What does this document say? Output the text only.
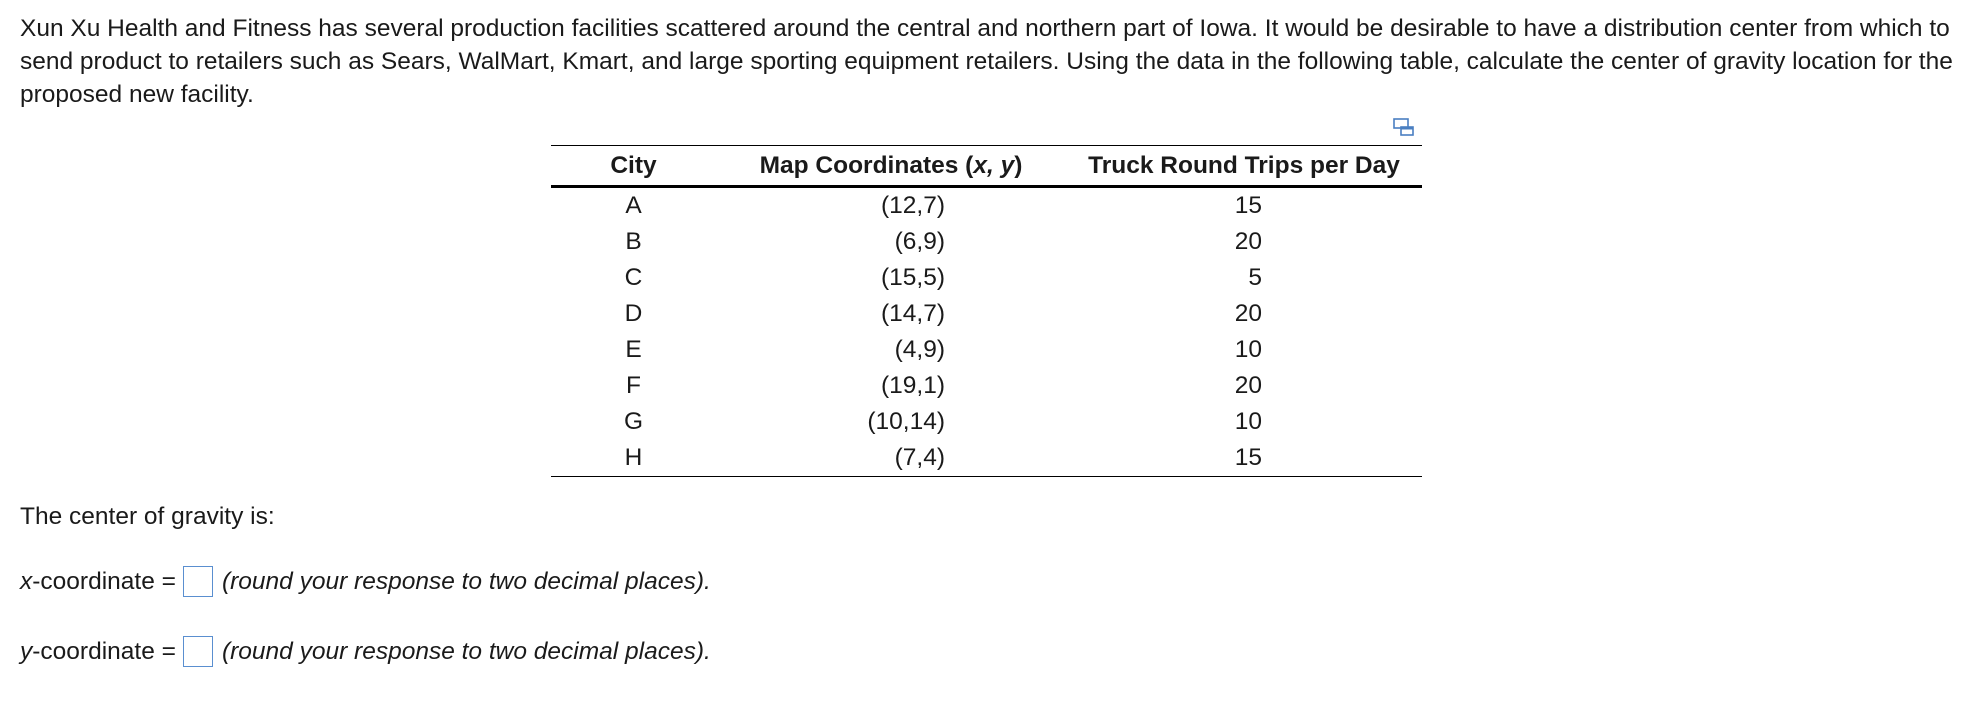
Xun Xu Health and Fitness has several production facilities scattered around the central and northern part of Iowa. It would be desirable to have a distribution center from which to send product to retailers such as Sears, WalMart, Kmart, and large sporting equipment retailers. Using the data in the following table, calculate the center of gravity location for the proposed new facility.

City	Map Coordinates (x, y)	Truck Round Trips per Day
A	(12,7)	15
B	(6,9)	20
C	(15,5)	5
D	(14,7)	20
E	(4,9)	10
F	(19,1)	20
G	(10,14)	10
H	(7,4)	15

The center of gravity is:

x -coordinate = (round your response to two decimal places).
y -coordinate = (round your response to two decimal places).
